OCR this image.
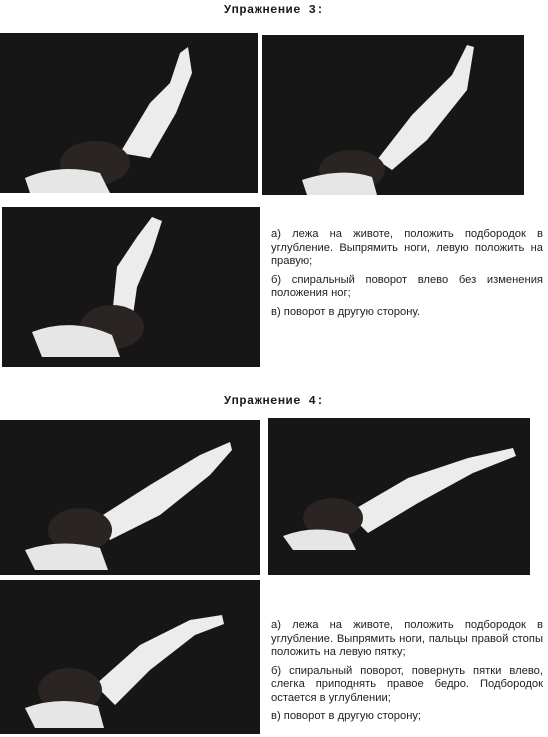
Упражнение 3:

а) лежа на животе, положить подбородок в углубление. Выпрямить ноги, левую положить на правую;

б) спиральный поворот влево без изменения положения ног;

в) поворот в другую сторону.

Упражнение 4:

а) лежа на животе, положить подбородок в углубление. Выпрямить ноги, пальцы правой стопы положить на левую пятку;

б) спиральный поворот, повернуть пятки влево, слегка приподнять правое бедро. Подбородок остается в углублении;

в) поворот в другую сторону;
